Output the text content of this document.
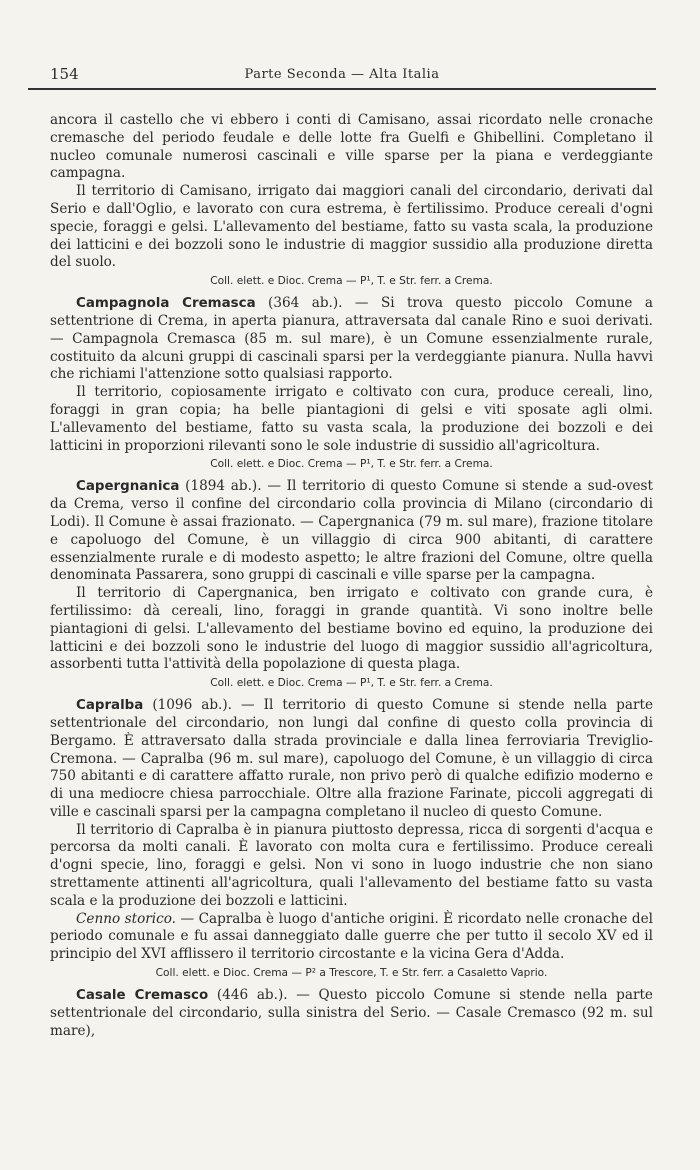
154	Parte Seconda — Alta Italia

ancora il castello che vi ebbero i conti di Camisano, assai ricordato nelle cronache cremasche del periodo feudale e delle lotte fra Guelfi e Ghibellini. Completano il nucleo comunale numerosi cascinali e ville sparse per la piana e verdeggiante campagna.

Il territorio di Camisano, irrigato dai maggiori canali del circondario, derivati dal Serio e dall'Oglio, e lavorato con cura estrema, è fertilissimo. Produce cereali d'ogni specie, foraggi e gelsi. L'allevamento del bestiame, fatto su vasta scala, la produzione dei latticini e dei bozzoli sono le industrie di maggior sussidio alla produzione diretta del suolo.

Coll. elett. e Dioc. Crema — P¹, T. e Str. ferr. a Crema.

Campagnola Cremasca (364 ab.). — Si trova questo piccolo Comune a settentrione di Crema, in aperta pianura, attraversata dal canale Rino e suoi derivati. — Campagnola Cremasca (85 m. sul mare), è un Comune essenzialmente rurale, costituito da alcuni gruppi di cascinali sparsi per la verdeggiante pianura. Nulla havvi che richiami l'attenzione sotto qualsiasi rapporto.

Il territorio, copiosamente irrigato e coltivato con cura, produce cereali, lino, foraggi in gran copia; ha belle piantagioni di gelsi e viti sposate agli olmi. L'allevamento del bestiame, fatto su vasta scala, la produzione dei bozzoli e dei latticini in proporzioni rilevanti sono le sole industrie di sussidio all'agricoltura.

Coll. elett. e Dioc. Crema — P¹, T. e Str. ferr. a Crema.

Capergnanica (1894 ab.). — Il territorio di questo Comune si stende a sud-ovest da Crema, verso il confine del circondario colla provincia di Milano (circondario di Lodi). Il Comune è assai frazionato. — Capergnanica (79 m. sul mare), frazione titolare e capoluogo del Comune, è un villaggio di circa 900 abitanti, di carattere essenzialmente rurale e di modesto aspetto; le altre frazioni del Comune, oltre quella denominata Passarera, sono gruppi di cascinali e ville sparse per la campagna.

Il territorio di Capergnanica, ben irrigato e coltivato con grande cura, è fertilissimo: dà cereali, lino, foraggi in grande quantità. Vi sono inoltre belle piantagioni di gelsi. L'allevamento del bestiame bovino ed equino, la produzione dei latticini e dei bozzoli sono le industrie del luogo di maggior sussidio all'agricoltura, assorbenti tutta l'attività della popolazione di questa plaga.

Coll. elett. e Dioc. Crema — P¹, T. e Str. ferr. a Crema.

Capralba (1096 ab.). — Il territorio di questo Comune si stende nella parte settentrionale del circondario, non lungi dal confine di questo colla provincia di Bergamo. È attraversato dalla strada provinciale e dalla linea ferroviaria Treviglio-Cremona. — Capralba (96 m. sul mare), capoluogo del Comune, è un villaggio di circa 750 abitanti e di carattere affatto rurale, non privo però di qualche edifizio moderno e di una mediocre chiesa parrocchiale. Oltre alla frazione Farinate, piccoli aggregati di ville e cascinali sparsi per la campagna completano il nucleo di questo Comune.

Il territorio di Capralba è in pianura piuttosto depressa, ricca di sorgenti d'acqua e percorsa da molti canali. È lavorato con molta cura e fertilissimo. Produce cereali d'ogni specie, lino, foraggi e gelsi. Non vi sono in luogo industrie che non siano strettamente attinenti all'agricoltura, quali l'allevamento del bestiame fatto su vasta scala e la produzione dei bozzoli e latticini.

Cenno storico. — Capralba è luogo d'antiche origini. È ricordato nelle cronache del periodo comunale e fu assai danneggiato dalle guerre che per tutto il secolo XV ed il principio del XVI afflissero il territorio circostante e la vicina Gera d'Adda.

Coll. elett. e Dioc. Crema — P² a Trescore, T. e Str. ferr. a Casaletto Vaprio.

Casale Cremasco (446 ab.). — Questo piccolo Comune si stende nella parte settentrionale del circondario, sulla sinistra del Serio. — Casale Cremasco (92 m. sul mare),
